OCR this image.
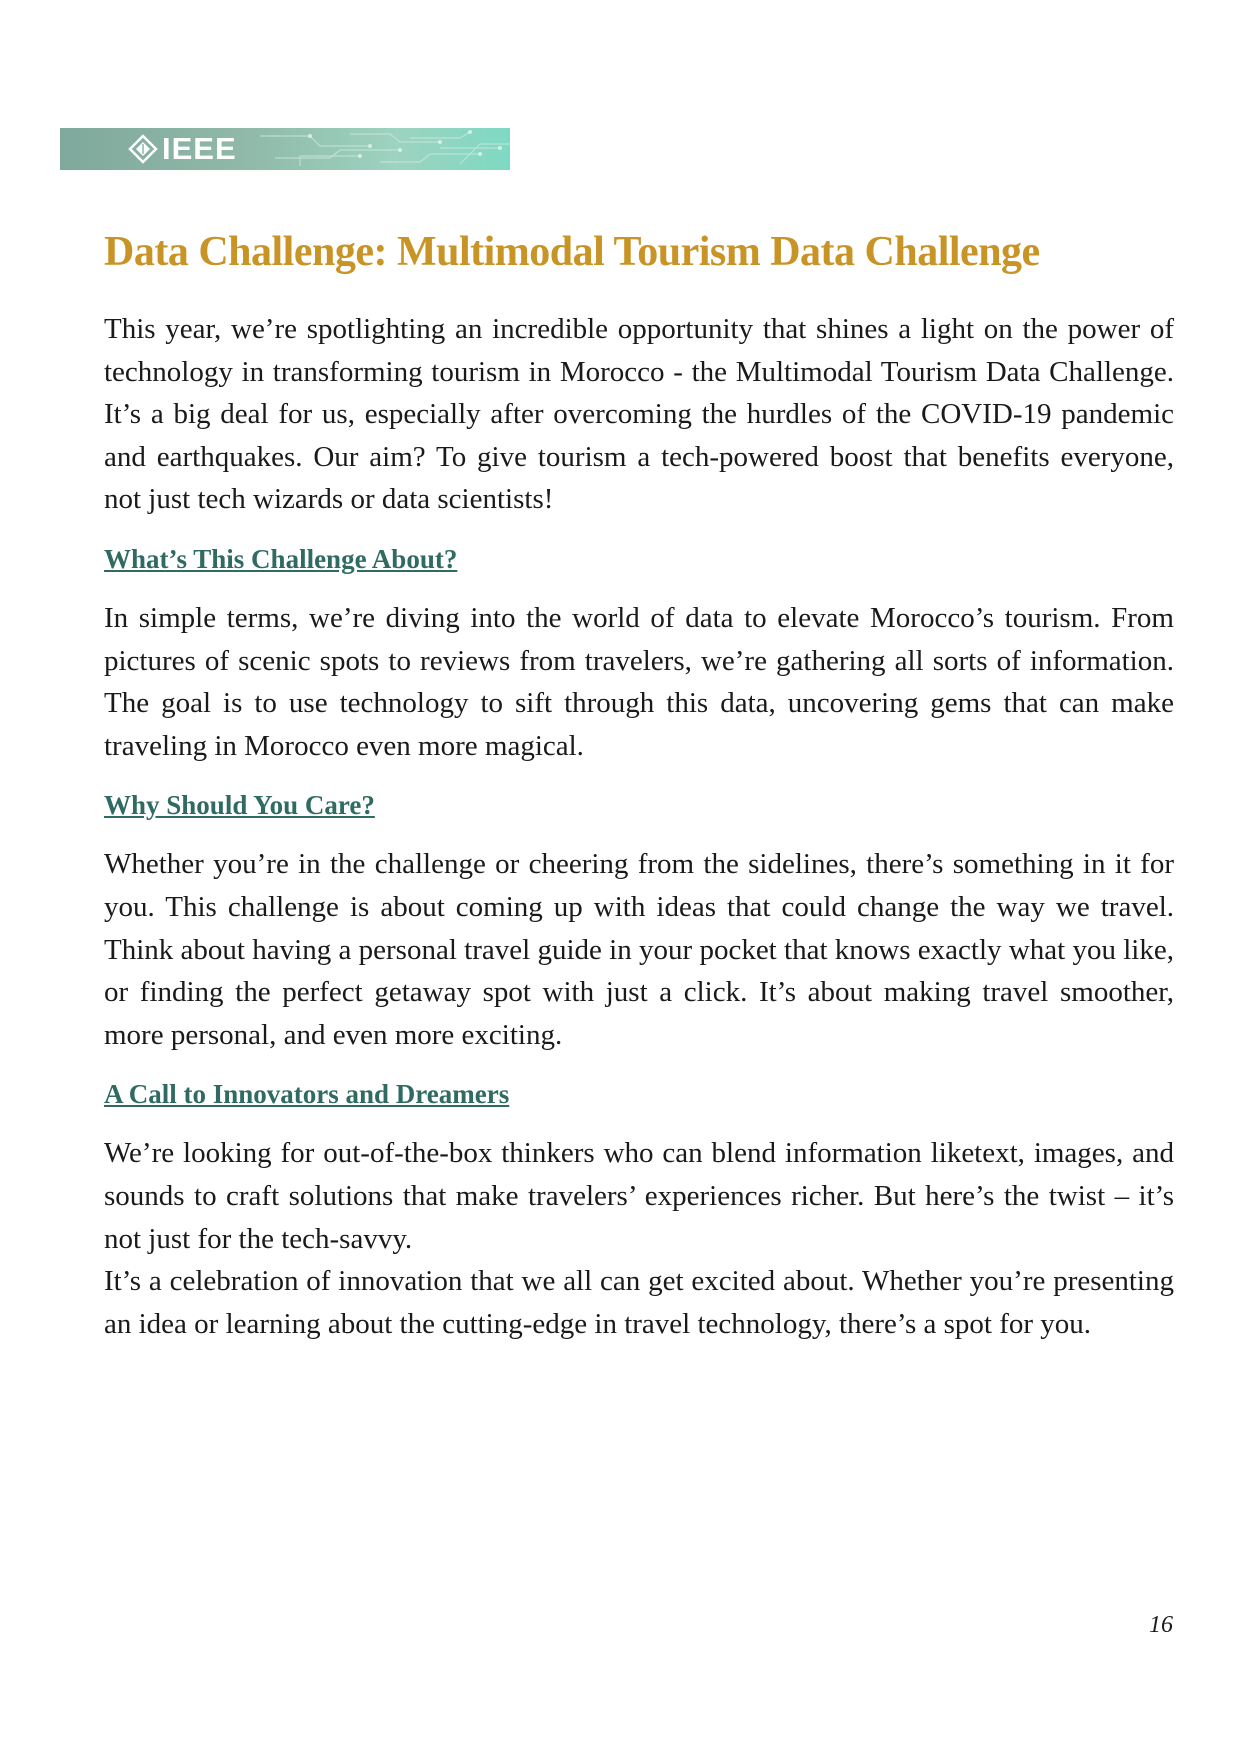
IEEE
Data Challenge: Multimodal Tourism Data Challenge

This year, we’re spotlighting an incredible opportunity that shines a light on the power of technology in transforming tourism in Morocco - the Multimodal Tourism Data Challenge. It’s a big deal for us, especially after overcoming the hurdles of the COVID-19 pandemic and earthquakes. Our aim? To give tourism a tech-powered boost that benefits everyone, not just tech wizards or data scientists!

What’s This Challenge About?

In simple terms, we’re diving into the world of data to elevate Morocco’s tourism. From pictures of scenic spots to reviews from travelers, we’re gathering all sorts of information. The goal is to use technology to sift through this data, uncovering gems that can make traveling in Morocco even more magical.

Why Should You Care?

Whether you’re in the challenge or cheering from the sidelines, there’s something in it for you. This challenge is about coming up with ideas that could change the way we travel. Think about having a personal travel guide in your pocket that knows exactly what you like, or finding the perfect getaway spot with just a click. It’s about making travel smoother, more personal, and even more exciting.

A Call to Innovators and Dreamers

We’re looking for out-of-the-box thinkers who can blend information liketext, images, and sounds to craft solutions that make travelers’ experiences richer. But here’s the twist – it’s not just for the tech-savvy.

It’s a celebration of innovation that we all can get excited about. Whether you’re presenting an idea or learning about the cutting-edge in travel technology, there’s a spot for you.

16
